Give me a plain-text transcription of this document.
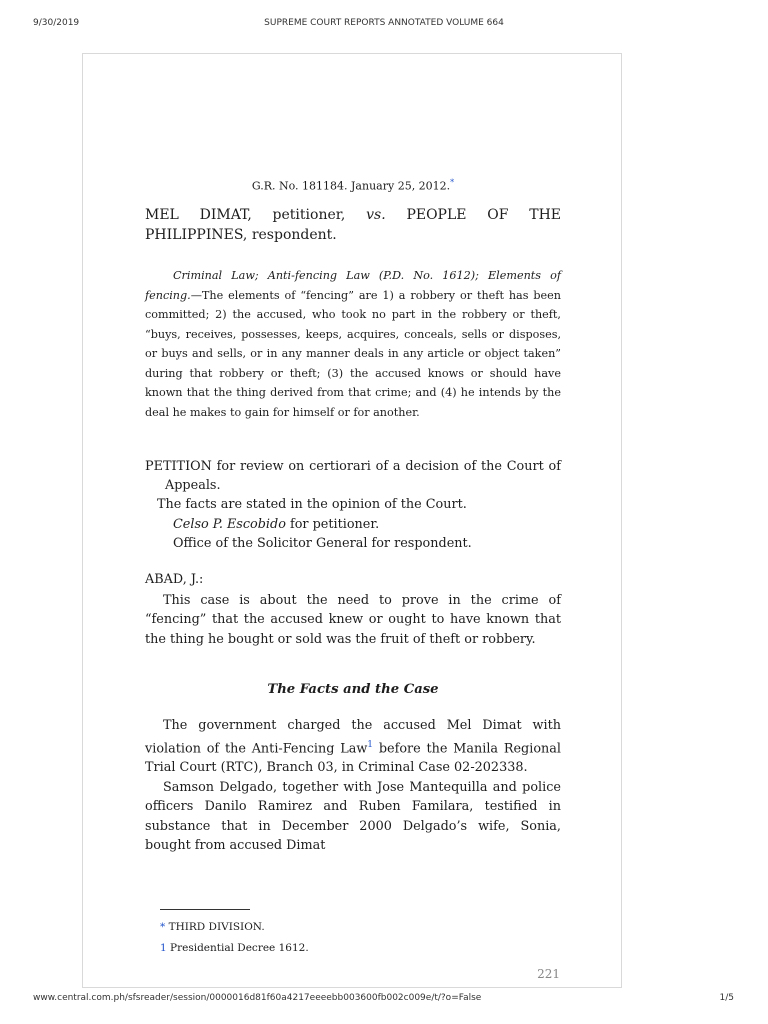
9/30/2019	SUPREME COURT REPORTS ANNOTATED VOLUME 664
G.R. No. 181184. January 25, 2012.*
MEL DIMAT, petitioner, vs. PEOPLE OF THE
PHILIPPINES, respondent.
Criminal Law; Anti-fencing Law (P.D. No. 1612); Elements of fencing.—The elements of “fencing” are 1) a robbery or theft has been committed; 2) the accused, who took no part in the robbery or theft, “buys, receives, possesses, keeps, acquires, conceals, sells or disposes, or buys and sells, or in any manner deals in any article or object taken” during that robbery or theft; (3) the accused knows or should have known that the thing derived from that crime; and (4) he intends by the deal he makes to gain for himself or for another.
PETITION for review on certiorari of a decision of the Court of Appeals.
The facts are stated in the opinion of the Court.
Celso P. Escobido for petitioner.
Office of the Solicitor General for respondent.
ABAD, J.:
This case is about the need to prove in the crime of “fencing” that the accused knew or ought to have known that the thing he bought or sold was the fruit of theft or robbery.
The Facts and the Case

The government charged the accused Mel Dimat with violation of the Anti-Fencing Law$^1$ before the Manila Regional Trial Court (RTC), Branch 03, in Criminal Case 02-202338.

Samson Delgado, together with Jose Mantequilla and police officers Danilo Ramirez and Ruben Familara, testified in substance that in December 2000 Delgado’s wife, Sonia, bought from accused Dimat

* THIRD DIVISION.
1 Presidential Decree 1612.
221
www.central.com.ph/sfsreader/session/0000016d81f60a4217eeeebb003600fb002c009e/t/?o=False	1/5
